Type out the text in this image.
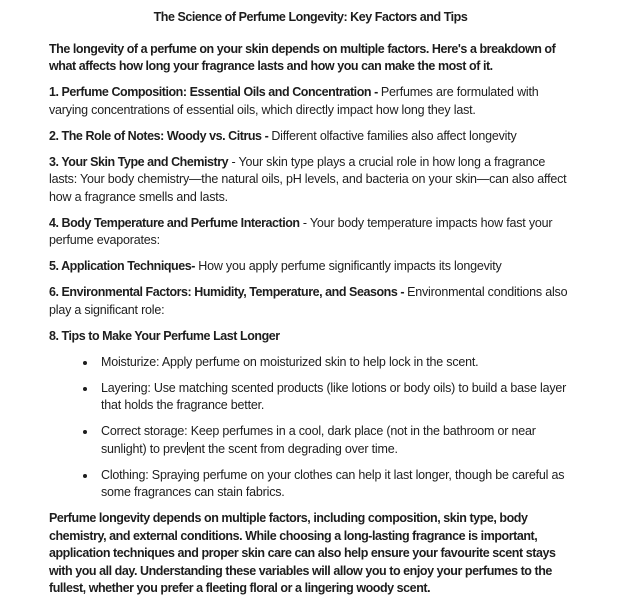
The Science of Perfume Longevity: Key Factors and Tips

The longevity of a perfume on your skin depends on multiple factors. Here's a breakdown of what affects how long your fragrance lasts and how you can make the most of it.

1. Perfume Composition: Essential Oils and Concentration - Perfumes are formulated with varying concentrations of essential oils, which directly impact how long they last.

2. The Role of Notes: Woody vs. Citrus - Different olfactive families also affect longevity

3. Your Skin Type and Chemistry - Your skin type plays a crucial role in how long a fragrance lasts: Your body chemistry—the natural oils, pH levels, and bacteria on your skin—can also affect how a fragrance smells and lasts.

4. Body Temperature and Perfume Interaction - Your body temperature impacts how fast your perfume evaporates:

5. Application Techniques- How you apply perfume significantly impacts its longevity

6. Environmental Factors: Humidity, Temperature, and Seasons - Environmental conditions also play a significant role:

8. Tips to Make Your Perfume Last Longer

• Moisturize: Apply perfume on moisturized skin to help lock in the scent.
• Layering: Use matching scented products (like lotions or body oils) to build a base layer that holds the fragrance better.
• Correct storage: Keep perfumes in a cool, dark place (not in the bathroom or near sunlight) to prev ent the scent from degrading over time.
• Clothing: Spraying perfume on your clothes can help it last longer, though be careful as some fragrances can stain fabrics.

Perfume longevity depends on multiple factors, including composition, skin type, body chemistry, and external conditions. While choosing a long-lasting fragrance is important, application techniques and proper skin care can also help ensure your favourite scent stays with you all day. Understanding these variables will allow you to enjoy your perfumes to the fullest, whether you prefer a fleeting floral or a lingering woody scent.
